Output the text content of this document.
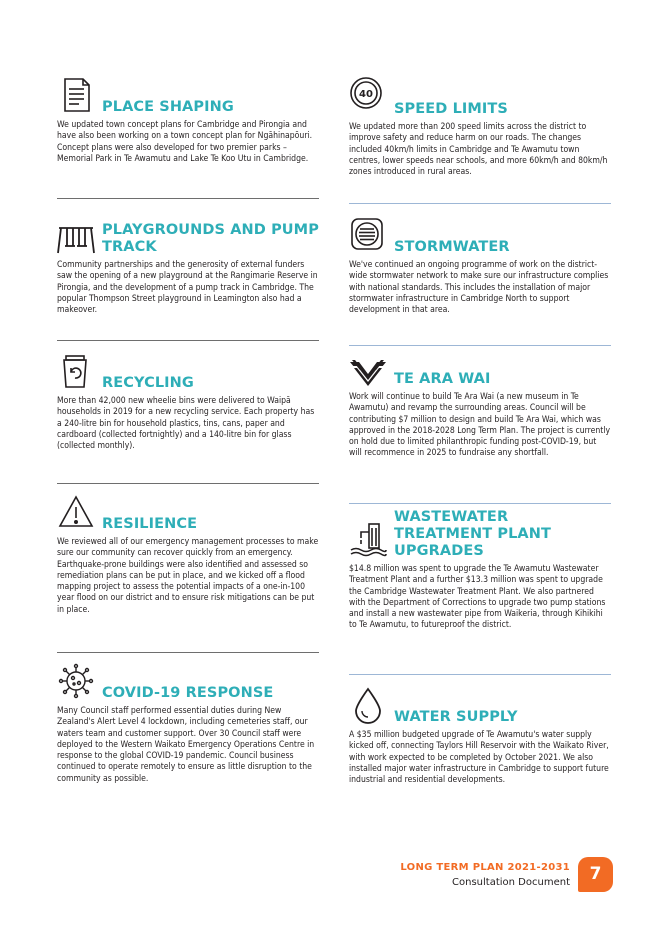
PLACE SHAPING
We updated town concept plans for Cambridge and Pirongia and have also been working on a town concept plan for Ngāhinapōuri. Concept plans were also developed for two premier parks – Memorial Park in Te Awamutu and Lake Te Koo Utu in Cambridge.
PLAYGROUNDS AND PUMP TRACK
Community partnerships and the generosity of external funders saw the opening of a new playground at the Rangimarie Reserve in Pirongia, and the development of a pump track in Cambridge. The popular Thompson Street playground in Leamington also had a makeover.
RECYCLING
More than 42,000 new wheelie bins were delivered to Waipā households in 2019 for a new recycling service. Each property has a 240-litre bin for household plastics, tins, cans, paper and cardboard (collected fortnightly) and a 140-litre bin for glass (collected monthly).
RESILIENCE
We reviewed all of our emergency management processes to make sure our community can recover quickly from an emergency. Earthquake-prone buildings were also identified and assessed so remediation plans can be put in place, and we kicked off a flood mapping project to assess the potential impacts of a one-in-100 year flood on our district and to ensure risk mitigations can be put in place.
COVID-19 RESPONSE
Many Council staff performed essential duties during New Zealand's Alert Level 4 lockdown, including cemeteries staff, our waters team and customer support. Over 30 Council staff were deployed to the Western Waikato Emergency Operations Centre in response to the global COVID-19 pandemic. Council business continued to operate remotely to ensure as little disruption to the community as possible.
40
SPEED LIMITS
We updated more than 200 speed limits across the district to improve safety and reduce harm on our roads. The changes included 40km/h limits in Cambridge and Te Awamutu town centres, lower speeds near schools, and more 60km/h and 80km/h zones introduced in rural areas.
STORMWATER
We've continued an ongoing programme of work on the district-wide stormwater network to make sure our infrastructure complies with national standards. This includes the installation of major stormwater infrastructure in Cambridge North to support development in that area.
TE ARA WAI
Work will continue to build Te Ara Wai (a new museum in Te Awamutu) and revamp the surrounding areas. Council will be contributing $7 million to design and build Te Ara Wai, which was approved in the 2018-2028 Long Term Plan. The project is currently on hold due to limited philanthropic funding post-COVID-19, but will recommence in 2025 to fundraise any shortfall.
WASTEWATER TREATMENT PLANT UPGRADES
$14.8 million was spent to upgrade the Te Awamutu Wastewater Treatment Plant and a further $13.3 million was spent to upgrade the Cambridge Wastewater Treatment Plant. We also partnered with the Department of Corrections to upgrade two pump stations and install a new wastewater pipe from Waikeria, through Kihikihi to Te Awamutu, to futureproof the district.
WATER SUPPLY
A $35 million budgeted upgrade of Te Awamutu's water supply kicked off, connecting Taylors Hill Reservoir with the Waikato River, with work expected to be completed by October 2021. We also installed major water infrastructure in Cambridge to support future industrial and residential developments.
LONG TERM PLAN 2021-2031
Consultation Document	7
